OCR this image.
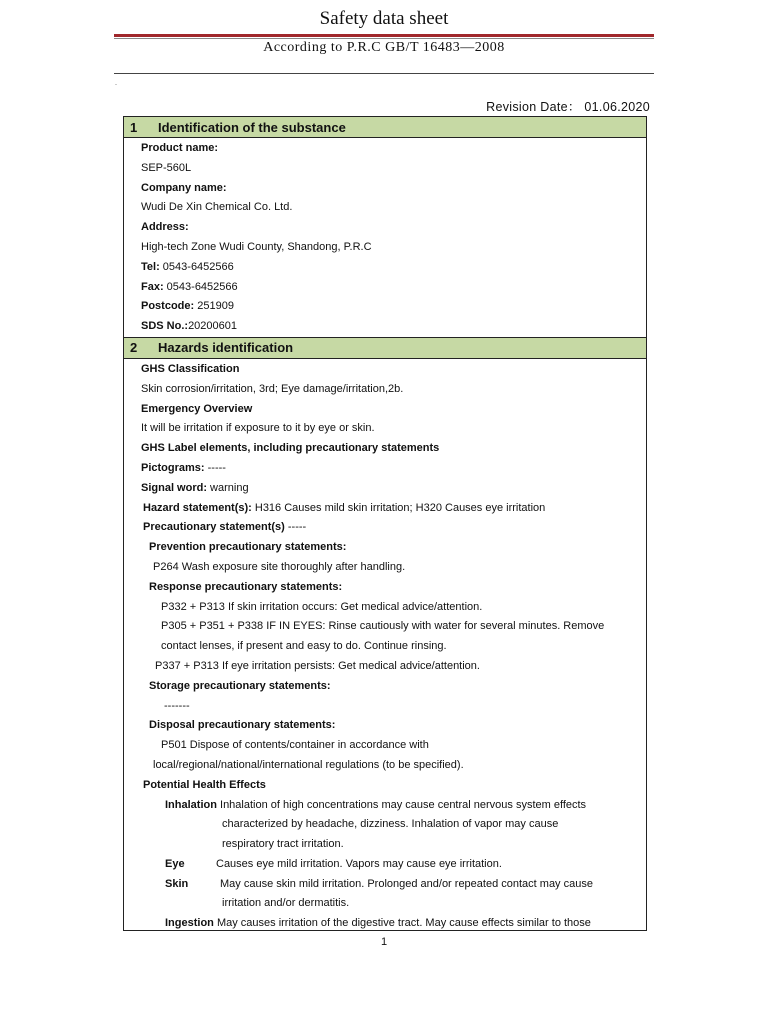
Safety data sheet
According to P.R.C GB/T 16483—2008
-
Revision Date： 01.06.2020
1	Identification of the substance
Product name:
SEP-560L
Company name:
Wudi De Xin Chemical Co. Ltd.
Address:
High-tech Zone Wudi County, Shandong, P.R.C
Tel: 0543-6452566
Fax: 0543-6452566
Postcode: 251909
SDS No.:20200601
2	Hazards identification
GHS Classification
Skin corrosion/irritation, 3rd; Eye damage/irritation,2b.
Emergency Overview
It will be irritation if exposure to it by eye or skin.
GHS Label elements, including precautionary statements
Pictograms: -----
Signal word: warning
Hazard statement(s): H316 Causes mild skin irritation; H320 Causes eye irritation
Precautionary statement(s) -----
Prevention precautionary statements:
P264 Wash exposure site thoroughly after handling.
Response precautionary statements:
P332 + P313 If skin irritation occurs: Get medical advice/attention.
P305 + P351 + P338 IF IN EYES: Rinse cautiously with water for several minutes. Remove
contact lenses, if present and easy to do. Continue rinsing.
P337 + P313 If eye irritation persists: Get medical advice/attention.
Storage precautionary statements:
-------
Disposal precautionary statements:
P501 Dispose of contents/container in accordance with
local/regional/national/international regulations (to be specified).
Potential Health Effects
Inhalation Inhalation of high concentrations may cause central nervous system effects
characterized by headache, dizziness. Inhalation of vapor may cause
respiratory tract irritation.
Eye	Causes eye mild irritation. Vapors may cause eye irritation.
Skin	May cause skin mild irritation. Prolonged and/or repeated contact may cause
irritation and/or dermatitis.
Ingestion May causes irritation of the digestive tract. May cause effects similar to those
1
